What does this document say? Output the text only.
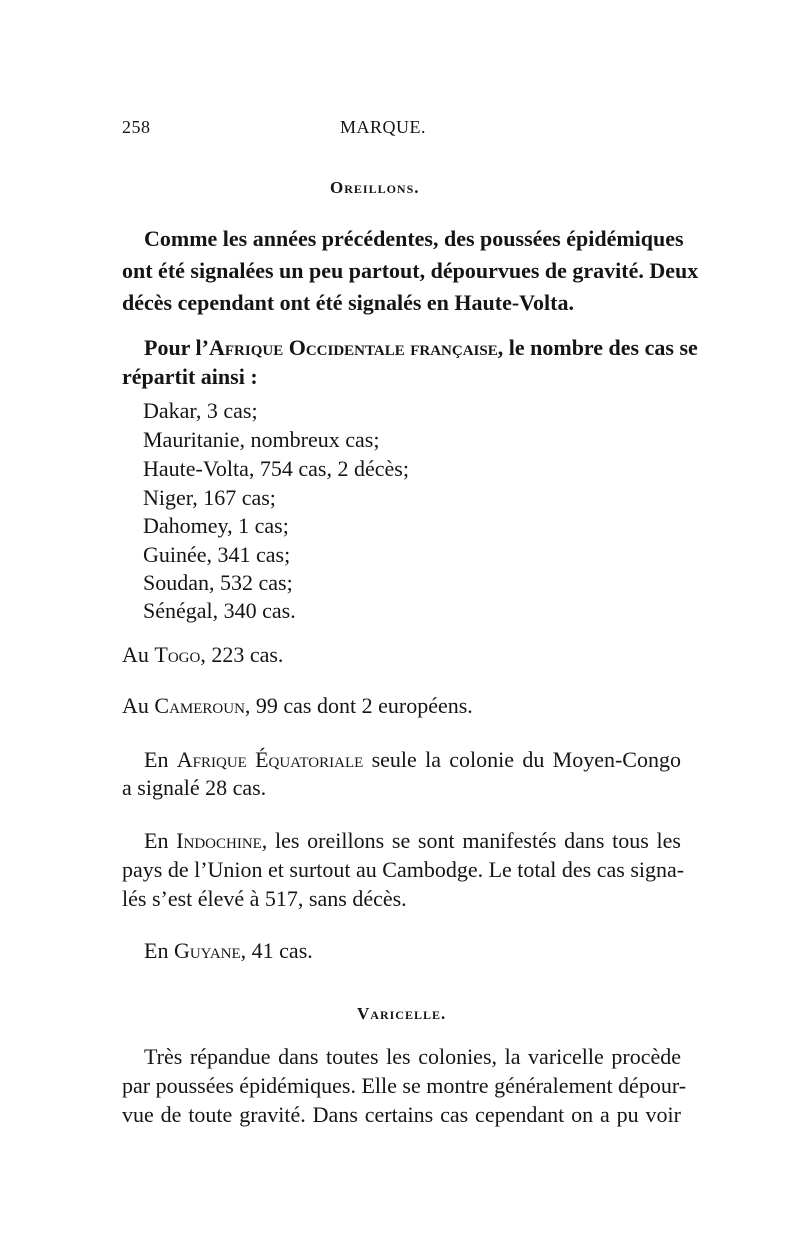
258	MARQUE.
Oreillons.
Comme les années précédentes, des poussées épidémiques
ont été signalées un peu partout, dépourvues de gravité. Deux
décès cependant ont été signalés en Haute-Volta.
Pour l’Afrique Occidentale française, le nombre des cas se
répartit ainsi :
Dakar, 3 cas;
Mauritanie, nombreux cas;
Haute-Volta, 754 cas, 2 décès;
Niger, 167 cas;
Dahomey, 1 cas;
Guinée, 341 cas;
Soudan, 532 cas;
Sénégal, 340 cas.
Au Togo, 223 cas.
Au Cameroun, 99 cas dont 2 européens.
En Afrique Équatoriale seule la colonie du Moyen-Congo
a signalé 28 cas.
En Indochine, les oreillons se sont manifestés dans tous les
pays de l’Union et surtout au Cambodge. Le total des cas signa-
lés s’est élevé à 517, sans décès.
En Guyane, 41 cas.
Varicelle.
Très répandue dans toutes les colonies, la varicelle procède
par poussées épidémiques. Elle se montre généralement dépour-
vue de toute gravité. Dans certains cas cependant on a pu voir
